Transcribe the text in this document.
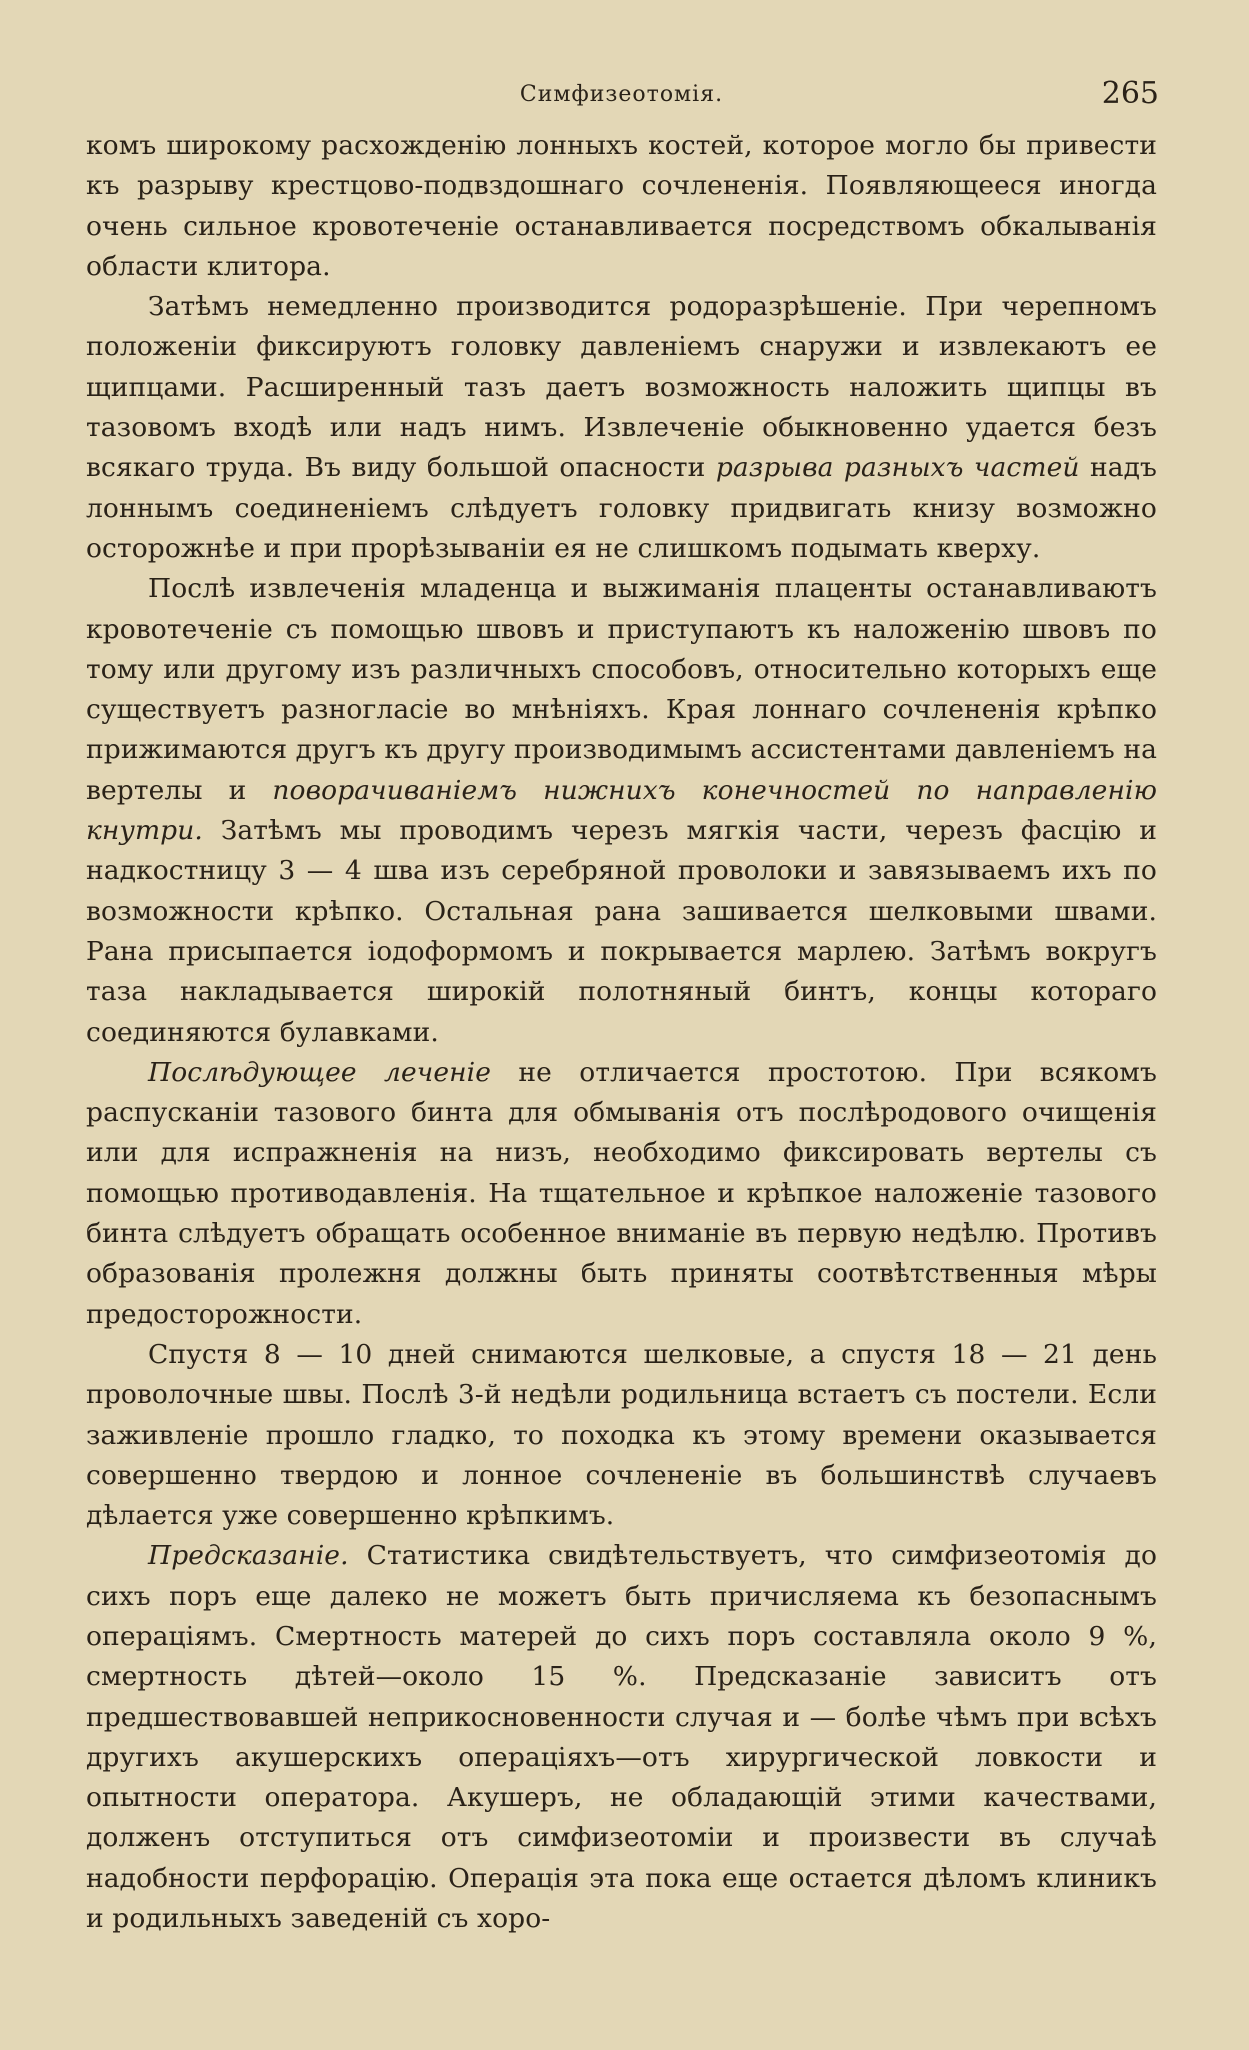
Симфизеотомія.	265

комъ широкому расхожденію лонныхъ костей, которое могло бы привести къ разрыву крестцово-подвздошнаго сочлененія. Появляющееся иногда очень сильное кровотеченіе останавливается посредствомъ обкалыванія области клитора.

Затѣмъ немедленно производится родоразрѣшеніе. При черепномъ положеніи фиксируютъ головку давленіемъ снаружи и извлекаютъ ее щипцами. Расширенный тазъ даетъ возможность наложить щипцы въ тазовомъ входѣ или надъ нимъ. Извлеченіе обыкновенно удается безъ всякаго труда. Въ виду большой опасности разрыва разныхъ частей надъ лоннымъ соединеніемъ слѣдуетъ головку придвигать книзу возможно осторожнѣе и при прорѣзываніи ея не слишкомъ подымать кверху.

Послѣ извлеченія младенца и выжиманія плаценты останавливаютъ кровотеченіе съ помощью швовъ и приступаютъ къ наложенію швовъ по тому или другому изъ различныхъ способовъ, относительно которыхъ еще существуетъ разногласіе во мнѣніяхъ. Края лоннаго сочлененія крѣпко прижимаются другъ къ другу производимымъ ассистентами давленіемъ на вертелы и поворачиваніемъ нижнихъ конечностей по направленію кнутри. Затѣмъ мы проводимъ черезъ мягкія части, черезъ фасцію и надкостницу 3 — 4 шва изъ серебряной проволоки и завязываемъ ихъ по возможности крѣпко. Остальная рана зашивается шелковыми швами. Рана присыпается іодоформомъ и покрывается марлею. Затѣмъ вокругъ таза накладывается широкій полотняный бинтъ, концы котораго соединяются булавками.

Послѣдующее леченіе не отличается простотою. При всякомъ распусканіи тазового бинта для обмыванія отъ послѣродового очищенія или для испражненія на низъ, необходимо фиксировать вертелы съ помощью противодавленія. На тщательное и крѣпкое наложеніе тазового бинта слѣдуетъ обращать особенное вниманіе въ первую недѣлю. Противъ образованія пролежня должны быть приняты соотвѣтственныя мѣры предосторожности.

Спустя 8 — 10 дней снимаются шелковые, а спустя 18 — 21 день проволочные швы. Послѣ 3-й недѣли родильница встаетъ съ постели. Если заживленіе прошло гладко, то походка къ этому времени оказывается совершенно твердою и лонное сочлененіе въ большинствѣ случаевъ дѣлается уже совершенно крѣпкимъ.

Предсказаніе. Статистика свидѣтельствуетъ, что симфизеотомія до сихъ поръ еще далеко не можетъ быть причисляема къ безопаснымъ операціямъ. Смертность матерей до сихъ поръ составляла около 9 %, смертность дѣтей—около 15 %. Предсказаніе зависитъ отъ предшествовавшей неприкосновенности случая и — болѣе чѣмъ при всѣхъ другихъ акушерскихъ операціяхъ—отъ хирургической ловкости и опытности оператора. Акушеръ, не обладающій этими качествами, долженъ отступиться отъ симфизеотоміи и произвести въ случаѣ надобности перфорацію. Операція эта пока еще остается дѣломъ клиникъ и родильныхъ заведеній съ хоро-
